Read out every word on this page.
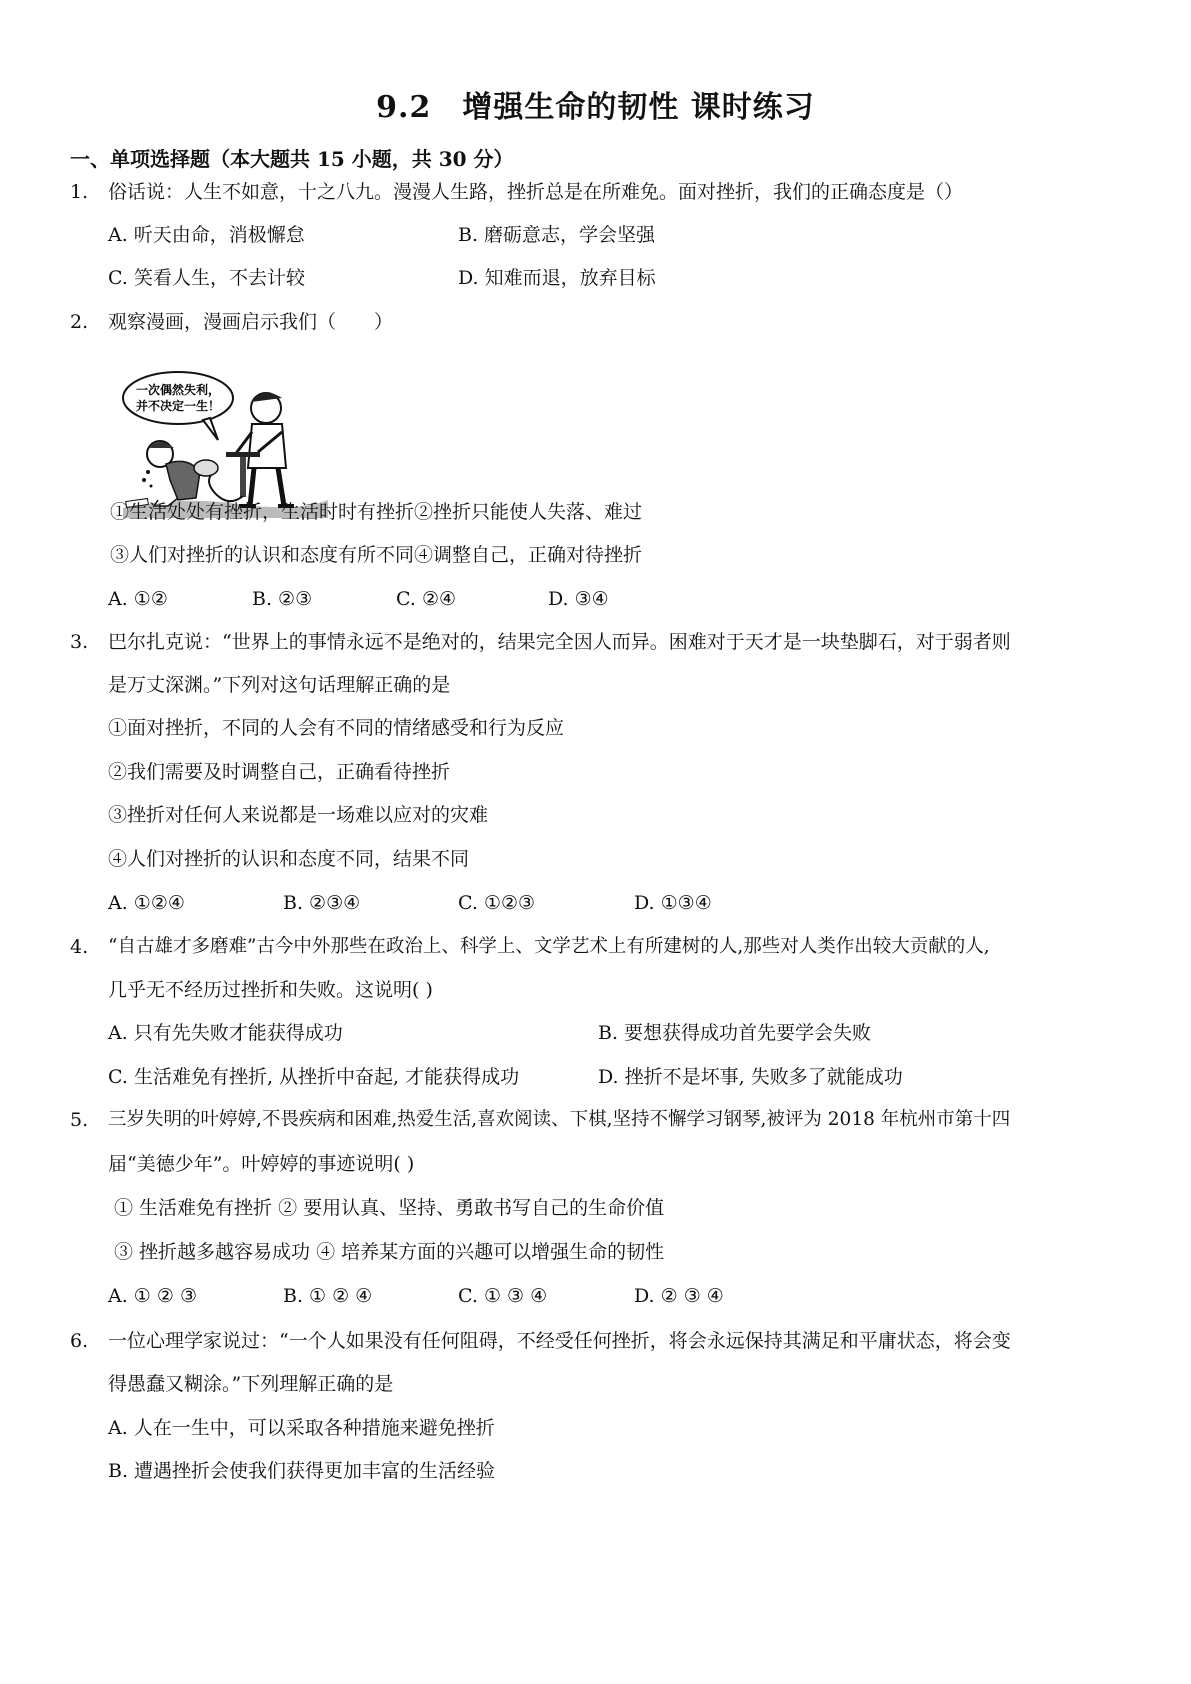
9.2　增强生命的韧性 课时练习
一、单项选择题（本大题共 15 小题，共 30 分）
1. 俗话说：人生不如意，十之八九。漫漫人生路，挫折总是在所难免。面对挫折，我们的正确态度是（）
A. 听天由命，消极懈怠	B. 磨砺意志，学会坚强
C. 笑看人生，不去计较	D. 知难而退，放弃目标
2. 观察漫画，漫画启示我们（　　）
一次偶然失利，
并不决定一生！
①生活处处有挫折，生活时时有挫折②挫折只能使人失落、难过
③人们对挫折的认识和态度有所不同④调整自己，正确对待挫折
A. ①②	B. ②③	C. ②④	D. ③④
3. 巴尔扎克说：“世界上的事情永远不是绝对的，结果完全因人而异。困难对于天才是一块垫脚石，对于弱者则
是万丈深渊。”下列对这句话理解正确的是
①面对挫折，不同的人会有不同的情绪感受和行为反应
②我们需要及时调整自己，正确看待挫折
③挫折对任何人来说都是一场难以应对的灾难
④人们对挫折的认识和态度不同，结果不同
A. ①②④	B. ②③④	C. ①②③	D. ①③④
4. “自古雄才多磨难”古今中外那些在政治上、科学上、文学艺术上有所建树的人,那些对人类作出较大贡献的人,
几乎无不经历过挫折和失败。这说明( )
A. 只有先失败才能获得成功	B. 要想获得成功首先要学会失败
C. 生活难免有挫折, 从挫折中奋起, 才能获得成功	D. 挫折不是坏事, 失败多了就能成功
5. 三岁失明的叶婷婷,不畏疾病和困难,热爱生活,喜欢阅读、下棋,坚持不懈学习钢琴,被评为 2018 年杭州市第十四
届“美德少年”。叶婷婷的事迹说明( )
① 生活难免有挫折 ② 要用认真、坚持、勇敢书写自己的生命价值
③ 挫折越多越容易成功 ④ 培养某方面的兴趣可以增强生命的韧性
A. ① ② ③	B. ① ② ④	C. ① ③ ④	D. ② ③ ④
6. 一位心理学家说过：“一个人如果没有任何阻碍，不经受任何挫折，将会永远保持其满足和平庸状态，将会变
得愚蠢又糊涂。”下列理解正确的是
A. 人在一生中，可以采取各种措施来避免挫折
B. 遭遇挫折会使我们获得更加丰富的生活经验
